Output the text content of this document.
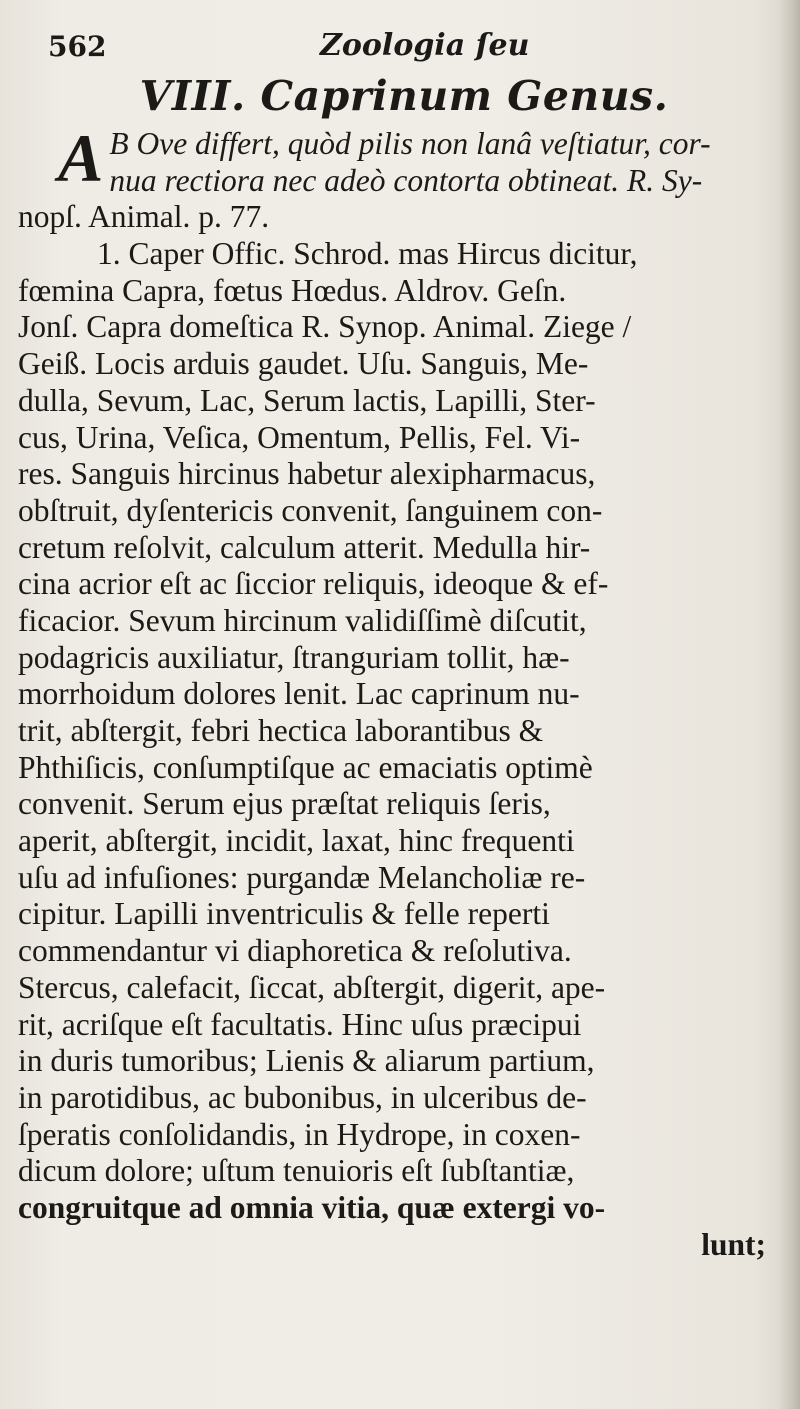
562	Zoologia ſeu
VIII. Caprinum Genus.
A B Ove differt, quòd pilis non lanâ veſtiatur, cor-
nua rectiora nec adeò contorta obtineat. R. Sy-
nopſ. Animal. p. 77.
1. Caper Offic. Schrod. mas Hircus dicitur,
fœmina Capra, fœtus Hœdus. Aldrov. Geſn.
Jonſ. Capra domeſtica R. Synop. Animal. Ziege /
Geiß. Locis arduis gaudet. Uſu. Sanguis, Me-
dulla, Sevum, Lac, Serum lactis, Lapilli, Ster-
cus, Urina, Veſica, Omentum, Pellis, Fel. Vi-
res. Sanguis hircinus habetur alexipharmacus,
obſtruit, dyſentericis convenit, ſanguinem con-
cretum reſolvit, calculum atterit. Medulla hir-
cina acrior eſt ac ſiccior reliquis, ideoque & ef-
ficacior. Sevum hircinum validiſſimè diſcutit,
podagricis auxiliatur, ſtranguriam tollit, hæ-
morrhoidum dolores lenit. Lac caprinum nu-
trit, abſtergit, febri hectica laborantibus &
Phthiſicis, conſumptiſque ac emaciatis optimè
convenit. Serum ejus præſtat reliquis ſeris,
aperit, abſtergit, incidit, laxat, hinc frequenti
uſu ad infuſiones: purgandæ Melancholiæ re-
cipitur. Lapilli inventriculis & felle reperti
commendantur vi diaphoretica & reſolutiva.
Stercus, calefacit, ſiccat, abſtergit, digerit, ape-
rit, acriſque eſt facultatis. Hinc uſus præcipui
in duris tumoribus; Lienis & aliarum partium,
in parotidibus, ac bubonibus, in ulceribus de-
ſperatis conſolidandis, in Hydrope, in coxen-
dicum dolore; uſtum tenuioris eſt ſubſtantiæ,
congruitque ad omnia vitia, quæ extergi vo-
lunt;
